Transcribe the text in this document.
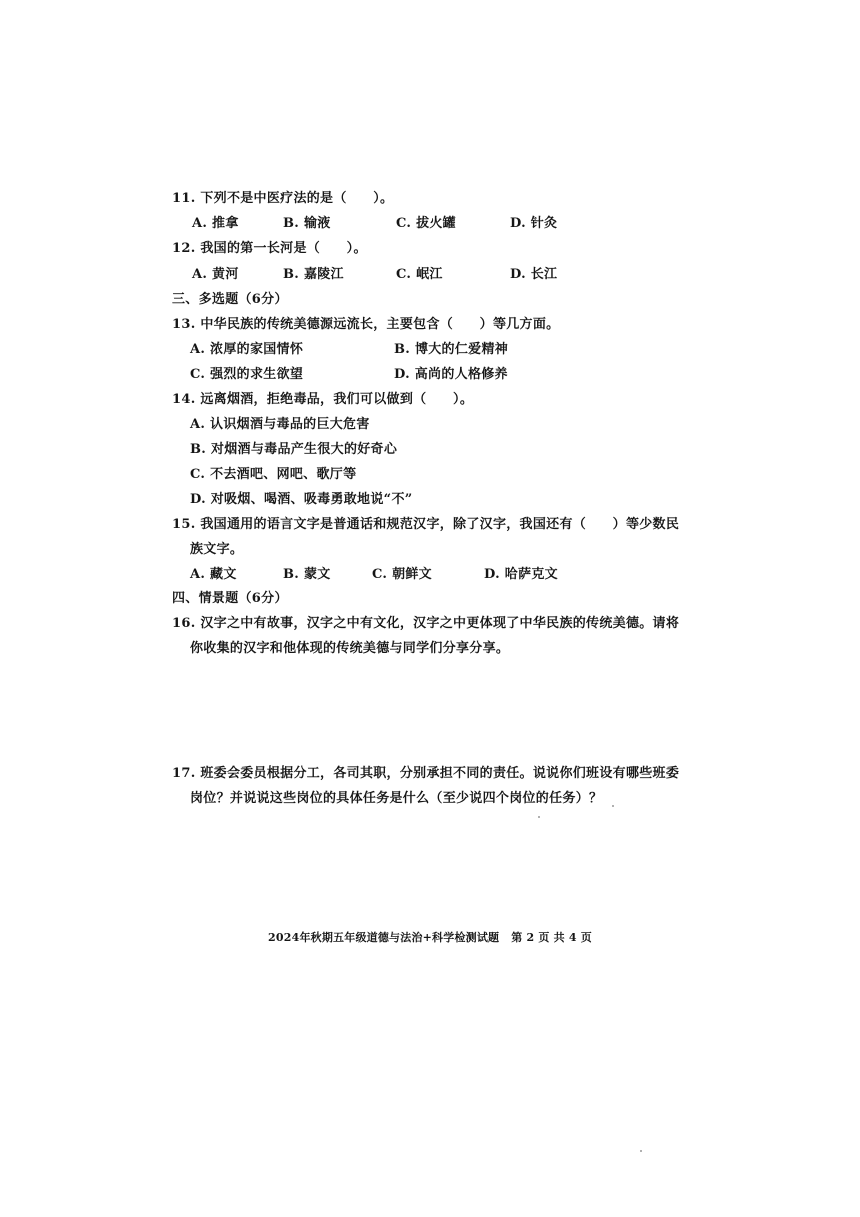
11. 下列不是中医疗法的是（　　）。
A. 推拿	B. 输液	C. 拔火罐	D. 针灸
12. 我国的第一长河是（　　）。
A. 黄河	B. 嘉陵江	C. 岷江	D. 长江
三、多选题（6分）
13. 中华民族的传统美德源远流长，主要包含（　　）等几方面。
A. 浓厚的家国情怀	B. 博大的仁爱精神
C. 强烈的求生欲望	D. 高尚的人格修养
14. 远离烟酒，拒绝毒品，我们可以做到（　　）。
A. 认识烟酒与毒品的巨大危害
B. 对烟酒与毒品产生很大的好奇心
C. 不去酒吧、网吧、歌厅等
D. 对吸烟、喝酒、吸毒勇敢地说“不”
15. 我国通用的语言文字是普通话和规范汉字，除了汉字，我国还有（　　）等少数民
族文字。
A. 藏文	B. 蒙文	C. 朝鲜文	D. 哈萨克文
四、情景题（6分）
16. 汉字之中有故事，汉字之中有文化，汉字之中更体现了中华民族的传统美德。请将
你收集的汉字和他体现的传统美德与同学们分享分享。
17. 班委会委员根据分工，各司其职，分别承担不同的责任。说说你们班设有哪些班委
岗位？并说说这些岗位的具体任务是什么（至少说四个岗位的任务）？
2024年秋期五年级道德与法治+科学检测试题 第 2 页 共 4 页
